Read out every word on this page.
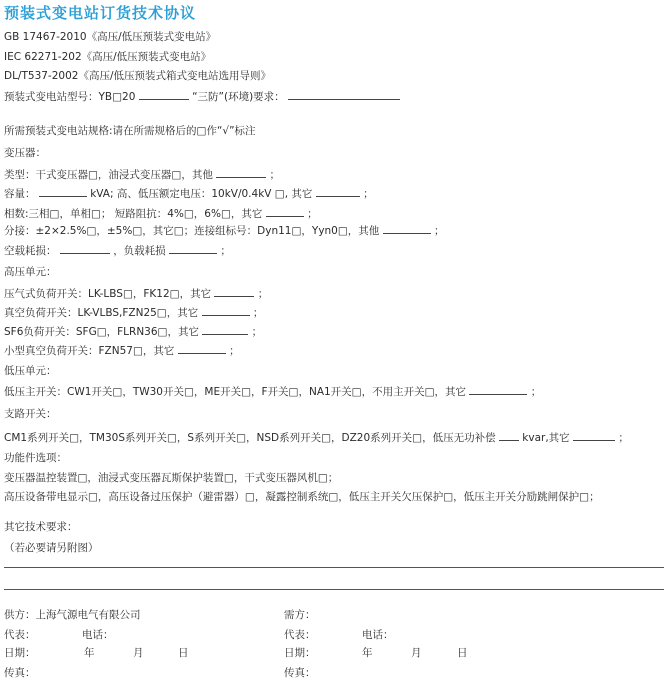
预装式变电站订货技术协议
GB 17467-2010《高压/低压预装式变电站》
IEC 62271-202《高压/低压预装式变电站》
DL/T537-2002《高压/低压预装式箱式变电站选用导则》
预装式变电站型号：YB□20	“三防”(环境)要求：
所需预装式变电站规格:请在所需规格后的□作“√”标注
变压器：
类型：干式变压器□，油浸式变压器□，其他	；
容量：	kVA; 高、低压额定电压：10kV/0.4kV □, 其它	；
相数:三相□，单相□； 短路阻抗：4%□，6%□，其它	；
分接：±2×2.5%□，±5%□，其它□；连接组标号：Dyn11□，Yyn0□，其他	；
空载耗损：	，负载耗损	；
高压单元：
压气式负荷开关：LK-LBS□，FK12□，其它	；
真空负荷开关：LK-VLBS,FZN25□，其它	；
SF6负荷开关：SFG□，FLRN36□，其它	；
小型真空负荷开关：FZN57□，其它	；
低压单元：
低压主开关：CW1开关□，TW30开关□，ME开关□，F开关□，NA1开关□，不用主开关□，其它	；
支路开关：
CM1系列开关□，TM30S系列开关□，S系列开关□，NSD系列开关□，DZ20系列开关□，低压无功补偿	kvar,其它	；
功能件选项：
变压器温控装置□，油浸式变压器瓦斯保护装置□，干式变压器风机□；
高压设备带电显示□，高压设备过压保护（避雷器）□，凝露控制系统□，低压主开关欠压保护□，低压主开关分励跳闸保护□；
其它技术要求：
（若必要请另附图）
供方：上海气源电气有限公司	需方：
代表：	电话：	代表：	电话：
日期：	年	月	日	日期：	年	月	日
传真：	传真：
